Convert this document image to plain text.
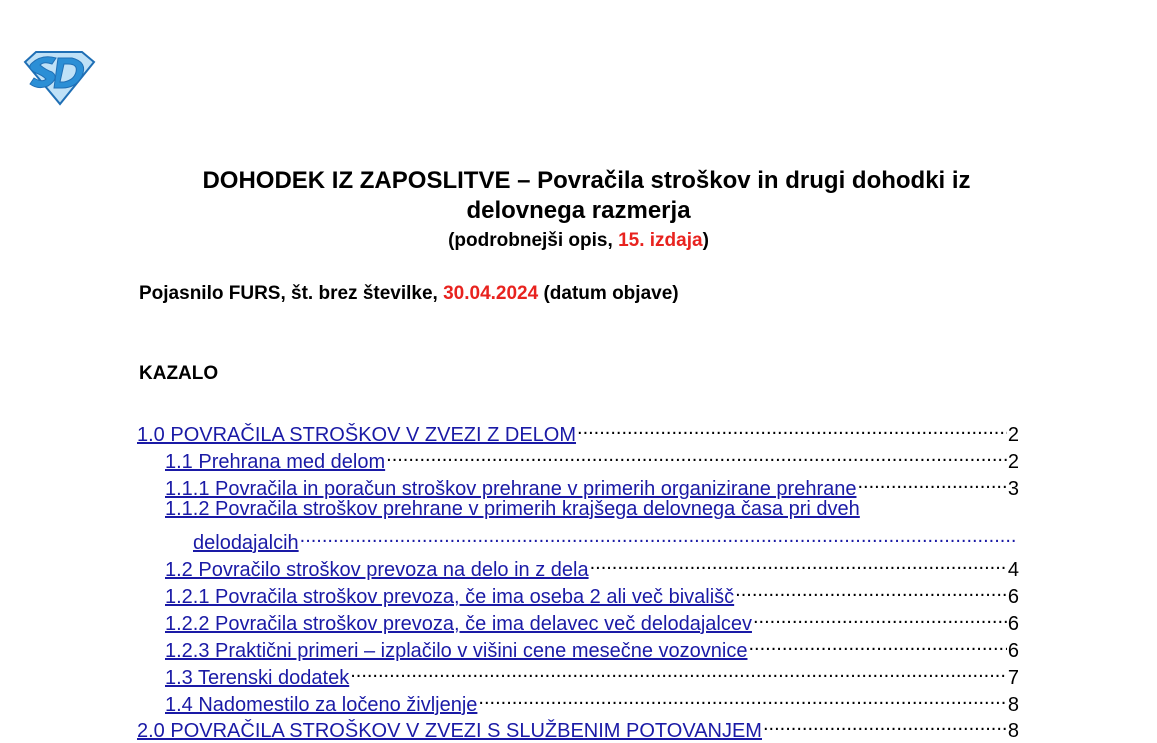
DOHODEK IZ ZAPOSLITVE – Povračila stroškov in drugi dohodki iz
delovnega razmerja
(podrobnejši opis, 15. izdaja)
Pojasnilo FURS, št. brez številke, 30.04.2024 (datum objave)
KAZALO
1.0 POVRAČILA STROŠKOV V ZVEZI Z DELOM .....	2
1.1 Prehrana med delom .....	2
1.1.1 Povračila in poračun stroškov prehrane v primerih organizirane prehrane .....	3
1.1.2 Povračila stroškov prehrane v primerih krajšega delovnega časa pri dveh
delodajalcih
.....
1.2 Povračilo stroškov prevoza na delo in z dela .....	4
1.2.1 Povračila stroškov prevoza, če ima oseba 2 ali več bivališč .....	6
1.2.2 Povračila stroškov prevoza, če ima delavec več delodajalcev .....	6
1.2.3 Praktični primeri – izplačilo v višini cene mesečne vozovnice .....	6
1.3 Terenski dodatek .....	7
1.4 Nadomestilo za ločeno življenje .....	8
2.0 POVRAČILA STROŠKOV V ZVEZI S SLUŽBENIM POTOVANJEM .....	8
